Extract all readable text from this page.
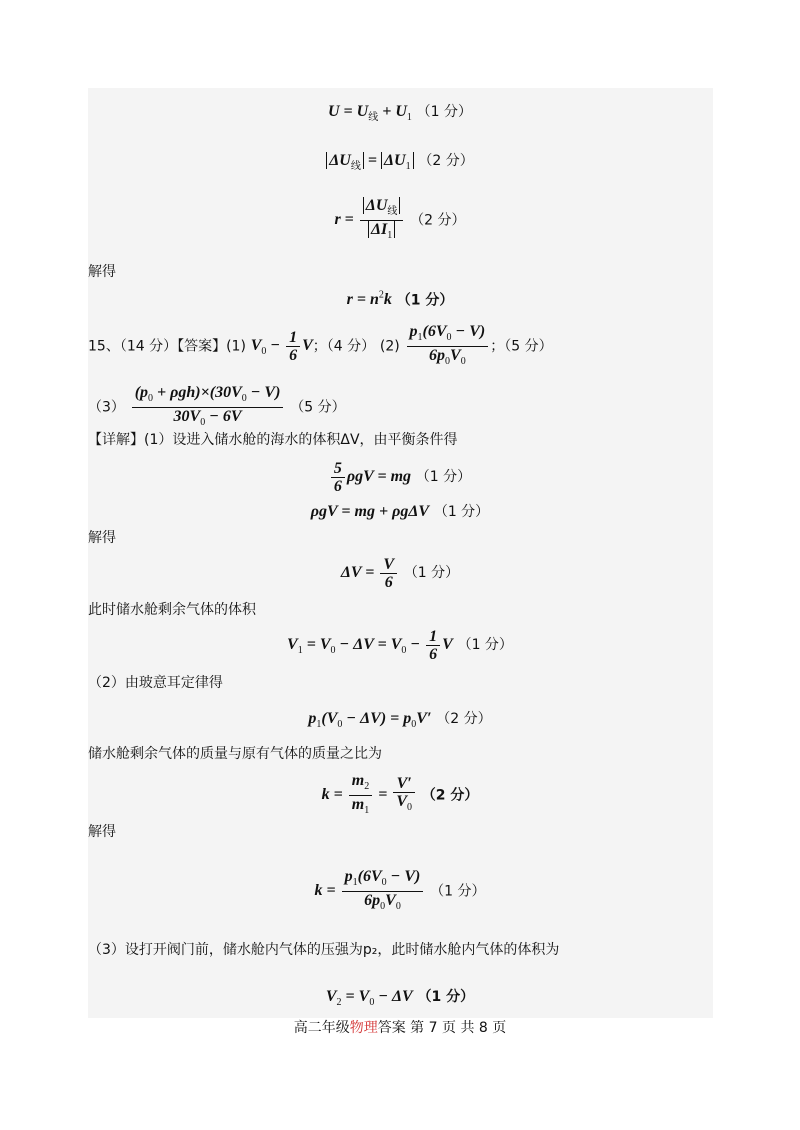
$U = U_线 + U_1$ （1 分）
$\Delta U_线 = \Delta U_1$ （2 分）
$r = \frac{\Delta U_线}{\Delta I_1} (2$ 分）
解得
$r = n^2k$ （1 分）
15、（14 分）【答案】(1) $V_0 - \frac{1}{6}$ V；（4 分） $(2) \frac{p_1(6V_0 - V)}{6p_0V_0}$ ；（5 分）
$(3) \frac{(p_0 + \rho gh)\times(30V_0 - V)}{30V_0 - 6V} (5$ 分）
【详解】(1）设进入储水舱的海水的体积ΔV，由平衡条件得
$\frac{5}{6}$ ρgV = mg （1 分）
ρgV = mg + ρgΔV （1 分）
解得
$\Delta V = \frac{V}{6} (1$ 分）
此时储水舱剩余气体的体积
$V_1 = V_0 - \Delta V = V_0 - \frac{1}{6}$ V （1 分）
（2）由玻意耳定律得
$p_1(V_0 - \Delta V) = p_0V'$ （2 分）
储水舱剩余气体的质量与原有气体的质量之比为
$k = \frac{m_2}{m_1} = \frac{V'}{V_0} (2$ 分）
解得
$k = \frac{p_1(6V_0 - V)}{6p_0V_0} (1$ 分）
（3）设打开阀门前，储水舱内气体的压强为p₂，此时储水舱内气体的体积为
$V_2 = V_0 - \Delta V$ （1 分）
高二年级物理答案 第 7 页 共 8 页
